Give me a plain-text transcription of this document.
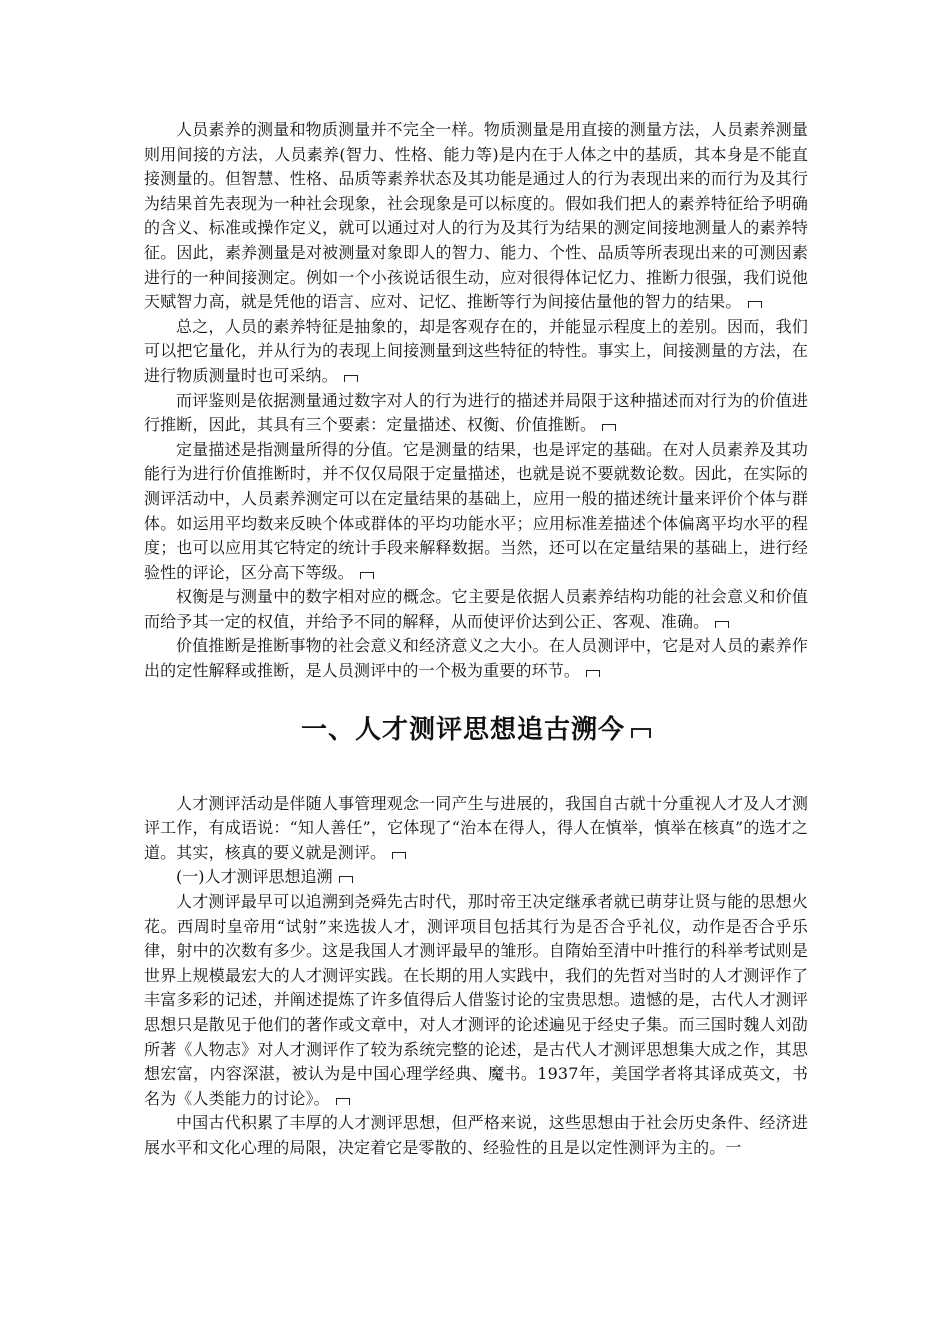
人员素养的测量和物质测量并不完全一样。物质测量是用直接的测量方法，人员素养测量则用间接的方法，人员素养(智力、性格、能力等)是内在于人体之中的基质，其本身是不能直接测量的。但智慧、性格、品质等素养状态及其功能是通过人的行为表现出来的而行为及其行为结果首先表现为一种社会现象，社会现象是可以标度的。假如我们把人的素养特征给予明确的含义、标准或操作定义，就可以通过对人的行为及其行为结果的测定间接地测量人的素养特征。因此，素养测量是对被测量对象即人的智力、能力、个性、品质等所表现出来的可测因素进行的一种间接测定。例如一个小孩说话很生动，应对很得体记忆力、推断力很强，我们说他天赋智力高，就是凭他的语言、应对、记忆、推断等行为间接估量他的智力的结果。

总之，人员的素养特征是抽象的，却是客观存在的，并能显示程度上的差别。因而，我们可以把它量化，并从行为的表现上间接测量到这些特征的特性。事实上，间接测量的方法，在进行物质测量时也可采纳。

而评鉴则是依据测量通过数字对人的行为进行的描述并局限于这种描述而对行为的价值进行推断，因此，其具有三个要素：定量描述、权衡、价值推断。

定量描述是指测量所得的分值。它是测量的结果，也是评定的基础。在对人员素养及其功能行为进行价值推断时，并不仅仅局限于定量描述，也就是说不要就数论数。因此，在实际的测评活动中，人员素养测定可以在定量结果的基础上，应用一般的描述统计量来评价个体与群体。如运用平均数来反映个体或群体的平均功能水平；应用标准差描述个体偏离平均水平的程度；也可以应用其它特定的统计手段来解释数据。当然，还可以在定量结果的基础上，进行经验性的评论，区分高下等级。

权衡是与测量中的数字相对应的概念。它主要是依据人员素养结构功能的社会意义和价值而给予其一定的权值，并给予不同的解释，从而使评价达到公正、客观、准确。

价值推断是推断事物的社会意义和经济意义之大小。在人员测评中，它是对人员的素养作出的定性解释或推断，是人员测评中的一个极为重要的环节。

一、人才测评思想追古溯今

人才测评活动是伴随人事管理观念一同产生与进展的，我国自古就十分重视人才及人才测评工作，有成语说：“知人善任”，它体现了“治本在得人，得人在慎举，慎举在核真”的选才之道。其实，核真的要义就是测评。

(一)人才测评思想追溯

人才测评最早可以追溯到尧舜先古时代，那时帝王决定继承者就已萌芽让贤与能的思想火花。西周时皇帝用“试射”来选拔人才，测评项目包括其行为是否合乎礼仪，动作是否合乎乐律，射中的次数有多少。这是我国人才测评最早的雏形。自隋始至清中叶推行的科举考试则是世界上规模最宏大的人才测评实践。在长期的用人实践中，我们的先哲对当时的人才测评作了丰富多彩的记述，并阐述提炼了许多值得后人借鉴讨论的宝贵思想。遗憾的是，古代人才测评思想只是散见于他们的著作或文章中，对人才测评的论述遍见于经史子集。而三国时魏人刘劭所著《人物志》对人才测评作了较为系统完整的论述，是古代人才测评思想集大成之作，其思想宏富，内容深湛，被认为是中国心理学经典、魔书。1937年，美国学者将其译成英文，书名为《人类能力的讨论》。

中国古代积累了丰厚的人才测评思想，但严格来说，这些思想由于社会历史条件、经济进展水平和文化心理的局限，决定着它是零散的、经验性的且是以定性测评为主的。一
